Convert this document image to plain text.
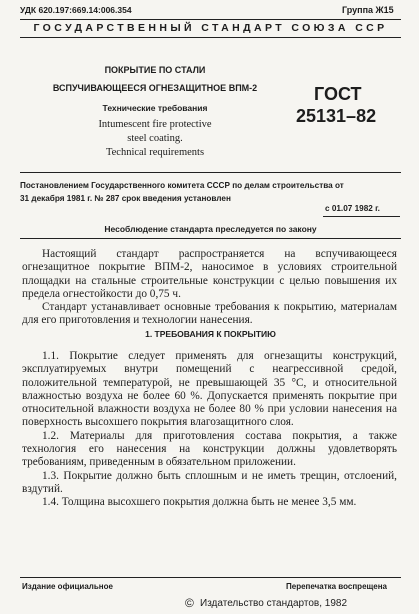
УДК 620.197:669.14:006.354	Группа Ж15
ГОСУДАРСТВЕННЫЙ СТАНДАРТ СОЮЗА ССР
ПОКРЫТИЕ ПО СТАЛИ
ВСПУЧИВАЮЩЕЕСЯ ОГНЕЗАЩИТНОЕ ВПМ-2
Технические требования
Intumescent fire protective
steel coating.
Technical requirements
ГОСТ
25131–82
Постановлением Государственного комитета СССР по делам строительства от
31 декабря 1981 г. № 287 срок введения установлен
с 01.07 1982 г.
Несоблюдение стандарта преследуется по закону

Настоящий стандарт распространяется на вспучивающееся огнезащитное покрытие ВПМ-2, наносимое в условиях строительной площадки на стальные строительные конструкции с целью повышения их предела огнестойкости до 0,75 ч.

Стандарт устанавливает основные требования к покрытию, материалам для его приготовления и технологии нанесения.

1. ТРЕБОВАНИЯ К ПОКРЫТИЮ

1.1. Покрытие следует применять для огнезащиты конструкций, эксплуатируемых внутри помещений с неагрессивной средой, положительной температурой, не превышающей 35 °С, и относительной влажностью воздуха не более 60 %. Допускается применять покрытие при относительной влажности воздуха не более 80 % при условии нанесения на поверхность высохшего покрытия влагозащитного слоя.

1.2. Материалы для приготовления состава покрытия, а также технология его нанесения на конструкции должны удовлетворять требованиям, приведенным в обязательном приложении.

1.3. Покрытие должно быть сплошным и не иметь трещин, отслоений, вздутий.

1.4. Толщина высохшего покрытия должна быть не менее 3,5 мм.

Издание официальное	Перепечатка воспрещена
© Издательство стандартов, 1982
